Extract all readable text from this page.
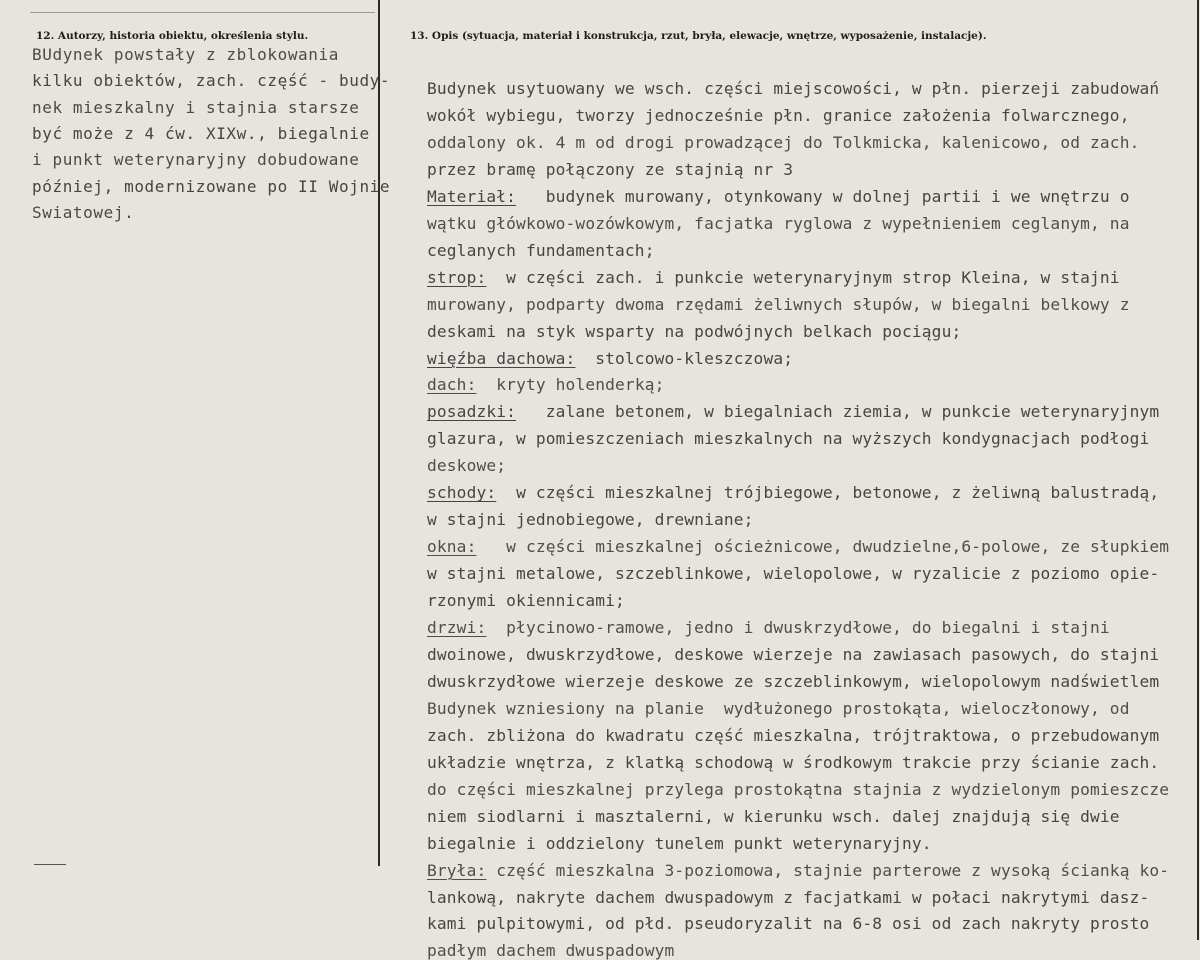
12. Autorzy, historia obiektu, określenia stylu.	13. Opis (sytuacja, materiał i konstrukcja, rzut, bryła, elewacje, wnętrze, wyposażenie, instalacje).
BUdynek powstały z zblokowania
kilku obiektów, zach. część - budy-
nek mieszkalny i stajnia starsze
być może z 4 ćw. XIXw., biegalnie
i punkt weterynaryjny dobudowane
później, modernizowane po II Wojnie
Swiatowej.
Budynek usytuowany we wsch. części miejscowości, w płn. pierzeji zabudowań
wokół wybiegu, tworzy jednocześnie płn. granice założenia folwarcznego,
oddalony ok. 4 m od drogi prowadzącej do Tolkmicka, kalenicowo, od zach.
przez bramę połączony ze stajnią nr 3
Materiał:   budynek murowany, otynkowany w dolnej partii i we wnętrzu o
wątku główkowo-wozówkowym, facjatka ryglowa z wypełnieniem ceglanym, na
ceglanych fundamentach;
strop:  w części zach. i punkcie weterynaryjnym strop Kleina, w stajni
murowany, podparty dwoma rzędami żeliwnych słupów, w biegalni belkowy z
deskami na styk wsparty na podwójnych belkach pociągu;
więźba dachowa:  stolcowo-kleszczowa;
dach:  kryty holenderką;
posadzki:   zalane betonem, w biegalniach ziemia, w punkcie weterynaryjnym
glazura, w pomieszczeniach mieszkalnych na wyższych kondygnacjach podłogi
deskowe;
schody:  w części mieszkalnej trójbiegowe, betonowe, z żeliwną balustradą,
w stajni jednobiegowe, drewniane;
okna:   w części mieszkalnej ościeżnicowe, dwudzielne,6-polowe, ze słupkiem
w stajni metalowe, szczeblinkowe, wielopolowe, w ryzalicie z poziomo opie-
rzonymi okiennicami;
drzwi:  płycinowo-ramowe, jedno i dwuskrzydłowe, do biegalni i stajni
dwoinowe, dwuskrzydłowe, deskowe wierzeje na zawiasach pasowych, do stajni
dwuskrzydłowe wierzeje deskowe ze szczeblinkowym, wielopolowym nadświetlem
Budynek wzniesiony na planie  wydłużonego prostokąta, wieloczłonowy, od
zach. zbliżona do kwadratu część mieszkalna, trójtraktowa, o przebudowanym
układzie wnętrza, z klatką schodową w środkowym trakcie przy ścianie zach.
do części mieszkalnej przylega prostokątna stajnia z wydzielonym pomieszcze
niem siodlarni i masztalerni, w kierunku wsch. dalej znajdują się dwie
biegalnie i oddzielony tunelem punkt weterynaryjny.
Bryła: część mieszkalna 3-poziomowa, stajnie parterowe z wysoką ścianką ko-
lankową, nakryte dachem dwuspadowym z facjatkami w połaci nakrytymi dasz-
kami pulpitowymi, od płd. pseudoryzalit na 6-8 osi od zach nakryty prosto
padłym dachem dwuspadowym
